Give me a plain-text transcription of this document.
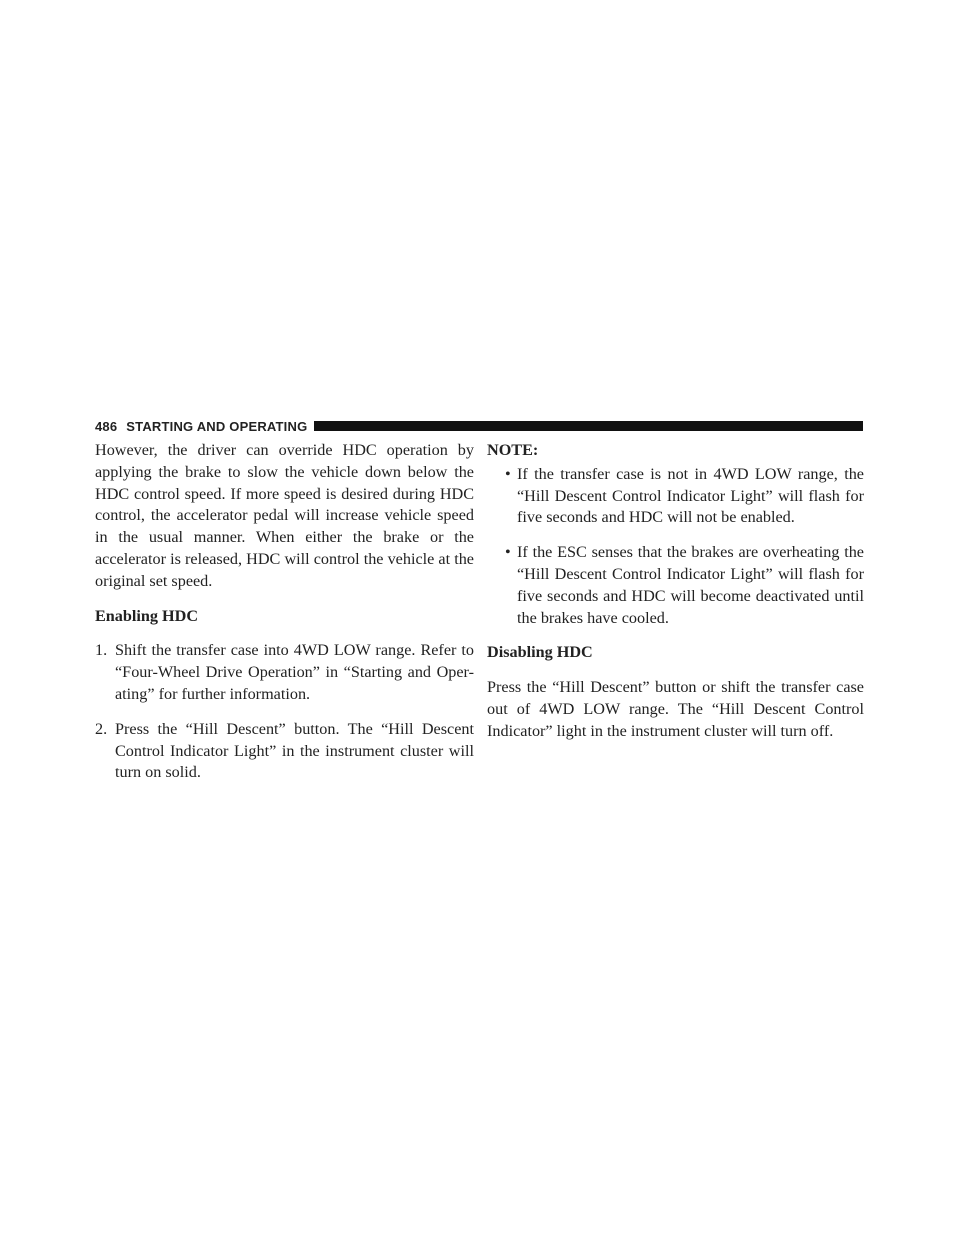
486 STARTING AND OPERATING

However, the driver can override HDC operation by applying the brake to slow the vehicle down below the HDC control speed. If more speed is desired during HDC control, the accelerator pedal will increase vehicle speed in the usual manner. When either the brake or the accelerator is released, HDC will control the vehicle at the original set speed.

Enabling HDC

1. Shift the transfer case into 4WD LOW range. Refer to “Four-Wheel Drive Operation” in “Starting and Oper-ating” for further information.
2. Press the “Hill Descent” button. The “Hill Descent Control Indicator Light” in the instrument cluster will turn on solid.

NOTE:

• If the transfer case is not in 4WD LOW range, the “Hill Descent Control Indicator Light” will flash for five seconds and HDC will not be enabled.
• If the ESC senses that the brakes are overheating the “Hill Descent Control Indicator Light” will flash for five seconds and HDC will become deactivated until the brakes have cooled.

Disabling HDC

Press the “Hill Descent” button or shift the transfer case out of 4WD LOW range. The “Hill Descent Control Indicator” light in the instrument cluster will turn off.
